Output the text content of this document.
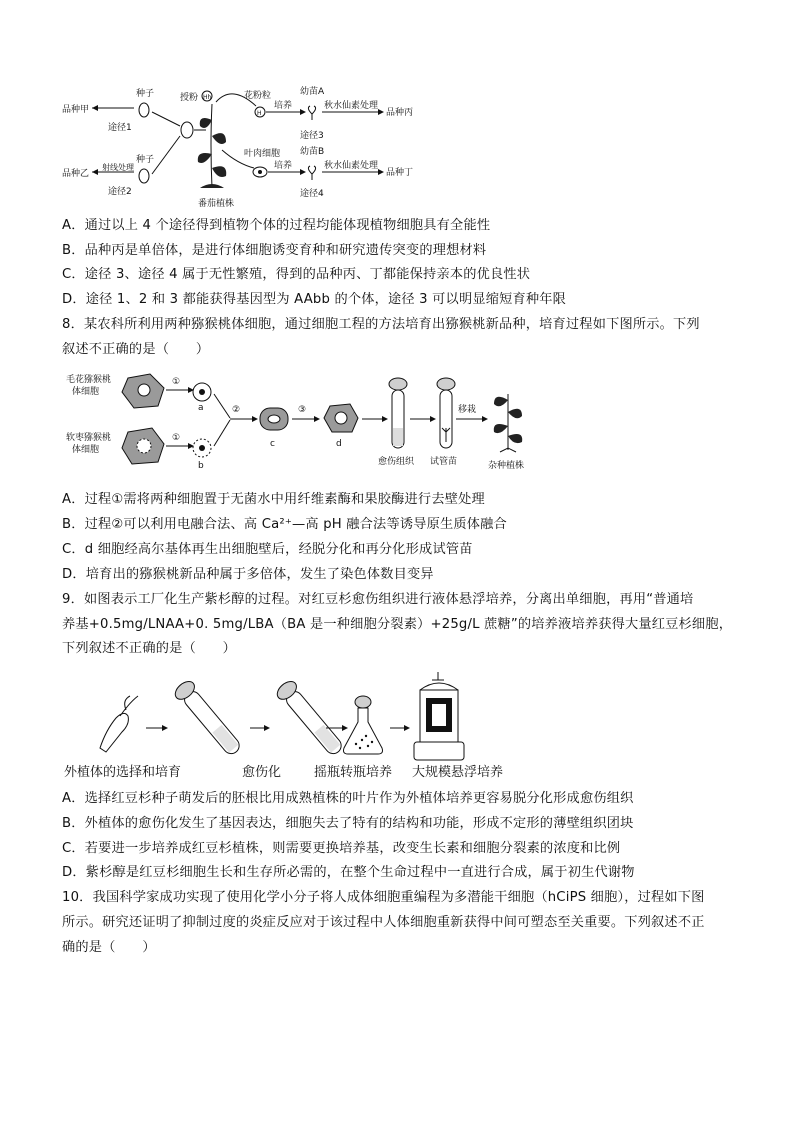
品种甲
品种乙
途径1
途径2
种子
种子
射线处理
授粉 Hh
番茄植株
花粉粒
H
培养
幼苗A
秋水仙素处理
品种丙
途径3
叶肉细胞
培养
幼苗B
秋水仙素处理
品种丁
途径4
A．通过以上 4 个途径得到植物个体的过程均能体现植物细胞具有全能性
B．品种丙是单倍体，是进行体细胞诱变育种和研究遗传突变的理想材料
C．途径 3、途径 4 属于无性繁殖，得到的品种丙、丁都能保持亲本的优良性状
D．途径 1、2 和 3 都能获得基因型为 AAbb 的个体，途径 3 可以明显缩短育种年限
8．某农科所利用两种猕猴桃体细胞，通过细胞工程的方法培育出猕猴桃新品种，培育过程如下图所示。下列
叙述不正确的是（　　）
毛花猕猴桃
体细胞
软枣猕猴桃
体细胞
①
a
①
b
②
c
③
d
愈伤组织 试管苗
移栽
杂种植株
A．过程①需将两种细胞置于无菌水中用纤维素酶和果胶酶进行去壁处理
B．过程②可以利用电融合法、高 Ca²⁺—高 pH 融合法等诱导原生质体融合
C．d 细胞经高尔基体再生出细胞壁后，经脱分化和再分化形成试管苗
D．培育出的猕猴桃新品种属于多倍体，发生了染色体数目变异
9．如图表示工厂化生产紫杉醇的过程。对红豆杉愈伤组织进行液体悬浮培养，分离出单细胞，再用“普通培
养基+0.5mg/LNAA+0. 5mg/LBA（BA 是一种细胞分裂素）+25g/L 蔗糖”的培养液培养获得大量红豆杉细胞，
下列叙述不正确的是（　　）
外植体的选择和培育	愈伤化	摇瓶转瓶培养 大规模悬浮培养
A．选择红豆杉种子萌发后的胚根比用成熟植株的叶片作为外植体培养更容易脱分化形成愈伤组织
B．外植体的愈伤化发生了基因表达，细胞失去了特有的结构和功能，形成不定形的薄壁组织团块
C．若要进一步培养成红豆杉植株，则需要更换培养基，改变生长素和细胞分裂素的浓度和比例
D．紫杉醇是红豆杉细胞生长和生存所必需的，在整个生命过程中一直进行合成，属于初生代谢物
10．我国科学家成功实现了使用化学小分子将人成体细胞重编程为多潜能干细胞（hCiPS 细胞），过程如下图
所示。研究还证明了抑制过度的炎症反应对于该过程中人体细胞重新获得中间可塑态至关重要。下列叙述不正
确的是（　　）
